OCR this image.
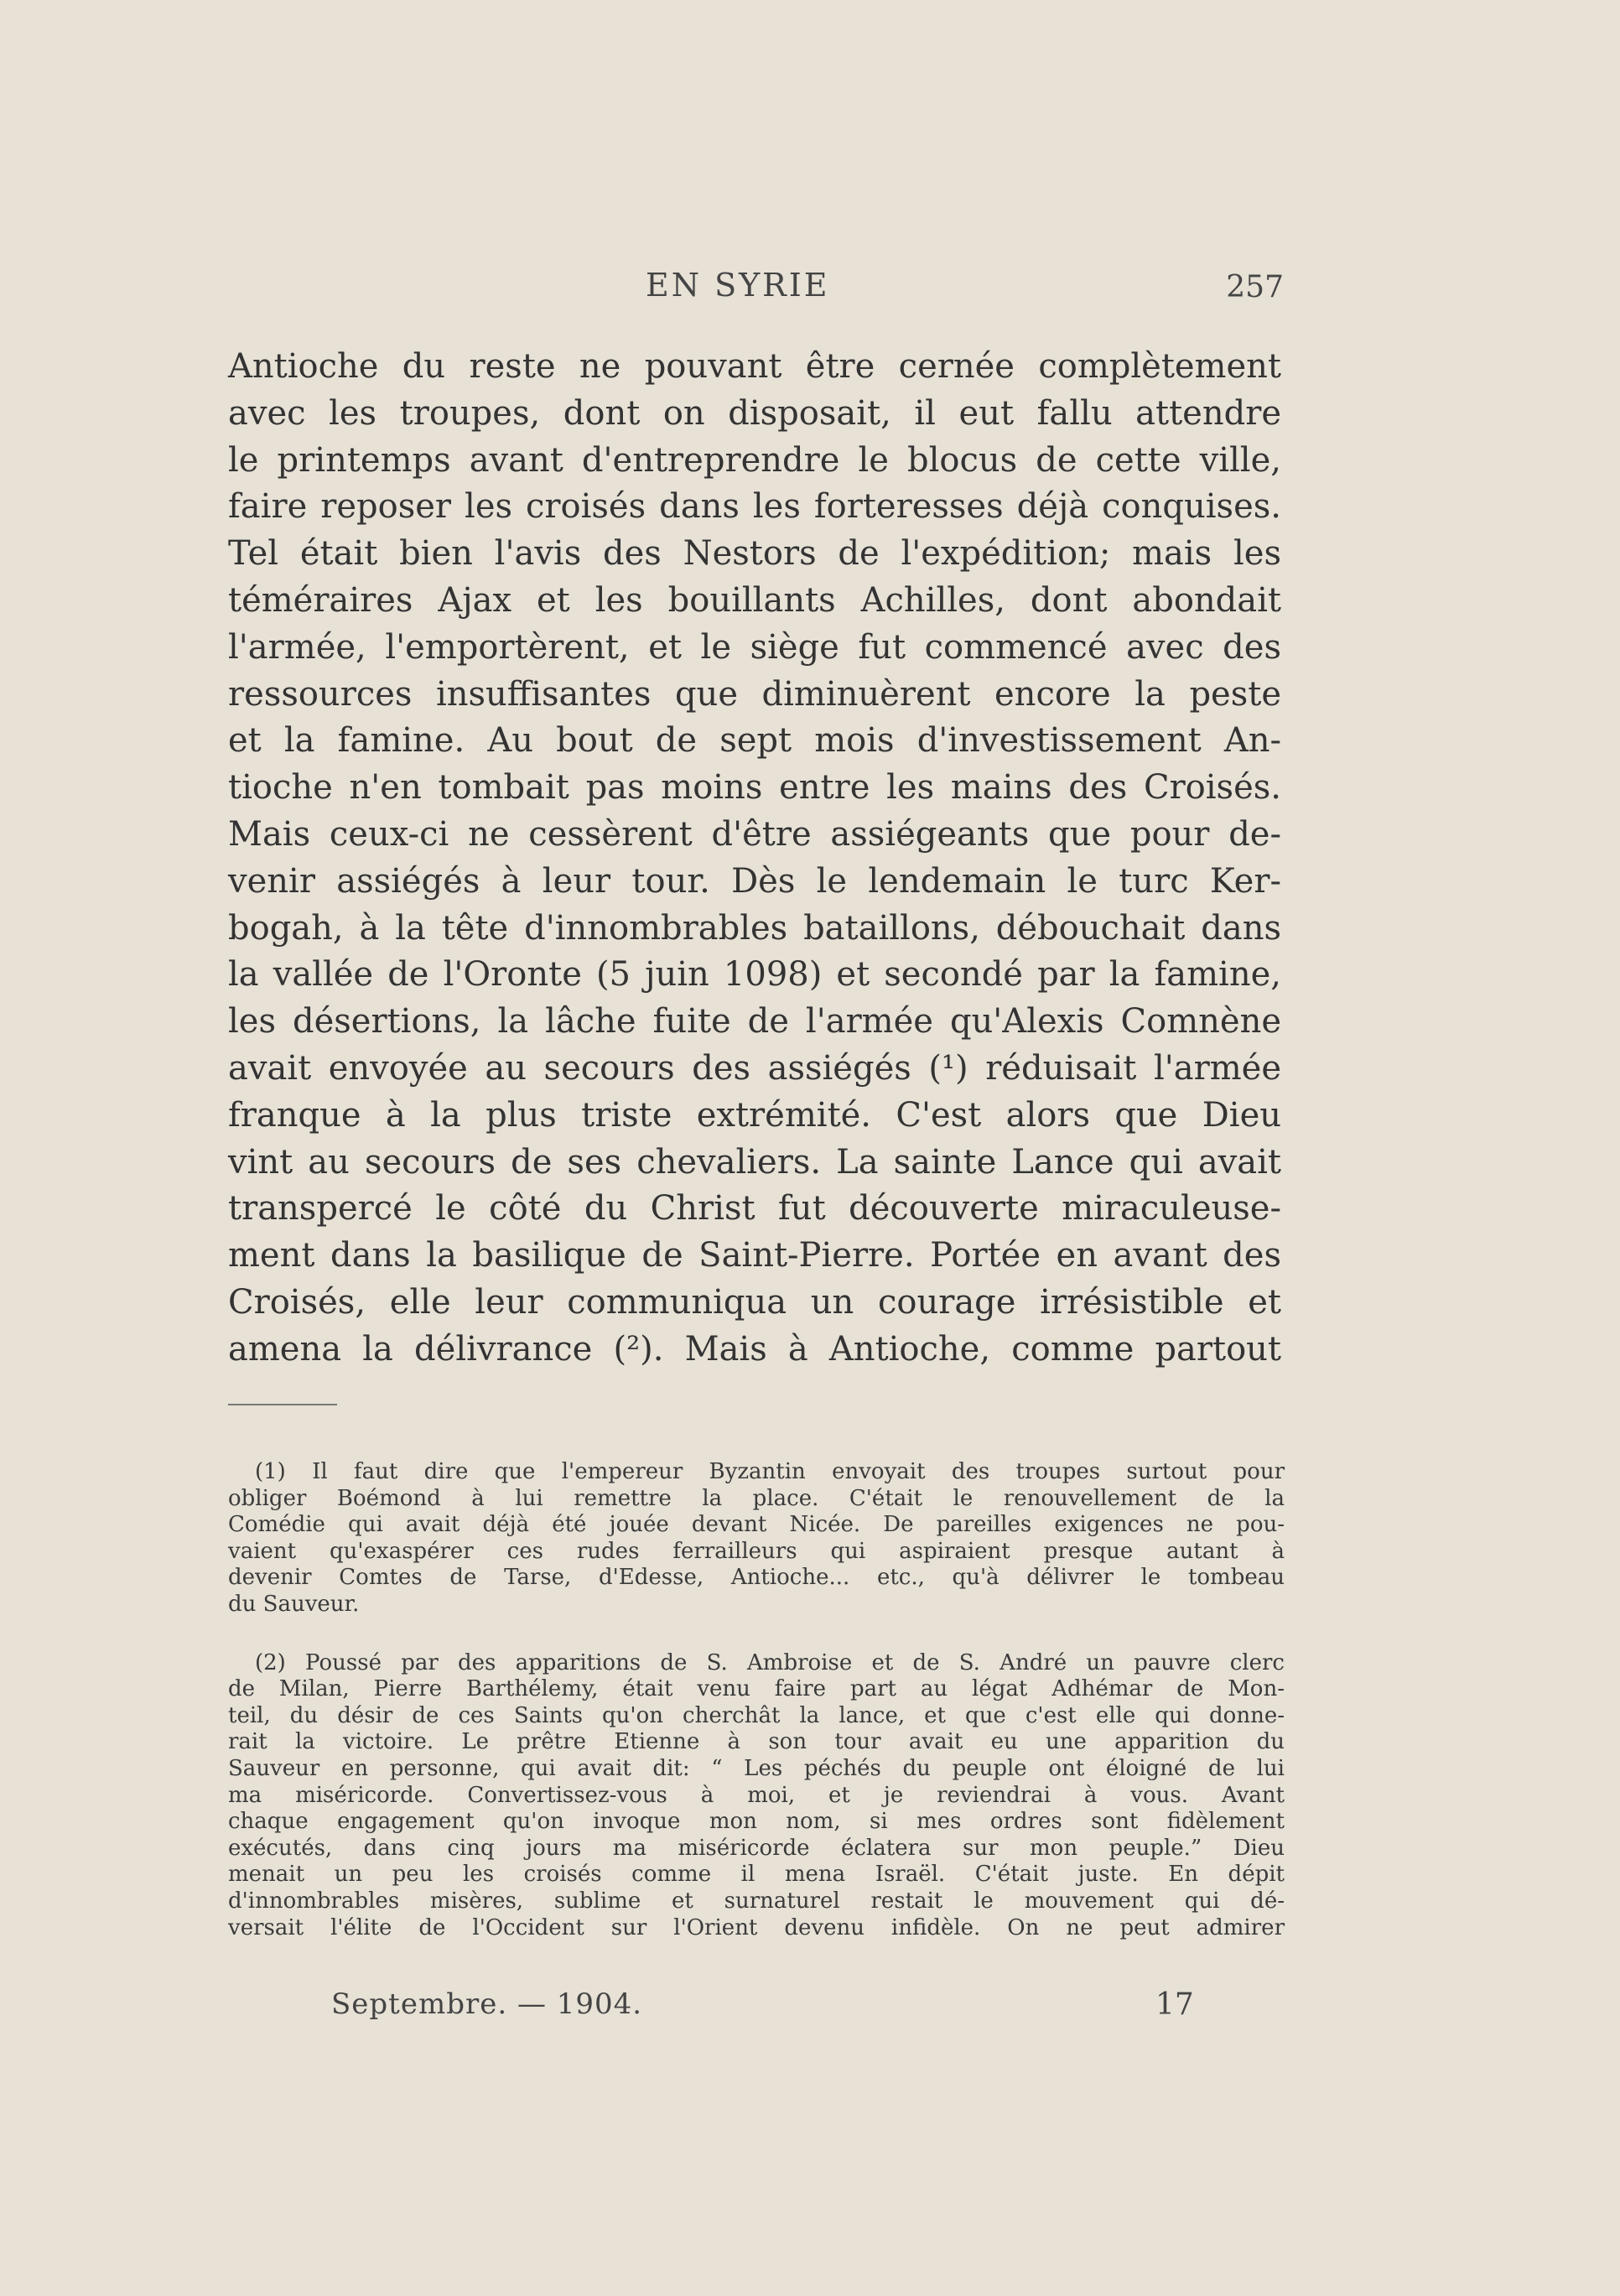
EN SYRIE	257
Antioche du reste ne pouvant être cernée complètement
avec les troupes, dont on disposait, il eut fallu attendre
le printemps avant d'entreprendre le blocus de cette ville,
faire reposer les croisés dans les forteresses déjà conquises.
Tel était bien l'avis des Nestors de l'expédition; mais les
téméraires Ajax et les bouillants Achilles, dont abondait
l'armée, l'emportèrent, et le siège fut commencé avec des
ressources insuffisantes que diminuèrent encore la peste
et la famine. Au bout de sept mois d'investissement An-
tioche n'en tombait pas moins entre les mains des Croisés.
Mais ceux-ci ne cessèrent d'être assiégeants que pour de-
venir assiégés à leur tour. Dès le lendemain le turc Ker-
bogah, à la tête d'innombrables bataillons, débouchait dans
la vallée de l'Oronte (5 juin 1098) et secondé par la famine,
les désertions, la lâche fuite de l'armée qu'Alexis Comnène
avait envoyée au secours des assiégés (¹) réduisait l'armée
franque à la plus triste extrémité. C'est alors que Dieu
vint au secours de ses chevaliers. La sainte Lance qui avait
transpercé le côté du Christ fut découverte miraculeuse-
ment dans la basilique de Saint-Pierre. Portée en avant des
Croisés, elle leur communiqua un courage irrésistible et
amena la délivrance (²). Mais à Antioche, comme partout
(1) Il faut dire que l'empereur Byzantin envoyait des troupes surtout pour
obliger Boémond à lui remettre la place. C'était le renouvellement de la
Comédie qui avait déjà été jouée devant Nicée. De pareilles exigences ne pou-
vaient qu'exaspérer ces rudes ferrailleurs qui aspiraient presque autant à
devenir Comtes de Tarse, d'Edesse, Antioche... etc., qu'à délivrer le tombeau
du Sauveur.
(2) Poussé par des apparitions de S. Ambroise et de S. André un pauvre clerc
de Milan, Pierre Barthélemy, était venu faire part au légat Adhémar de Mon-
teil, du désir de ces Saints qu'on cherchât la lance, et que c'est elle qui donne-
rait la victoire. Le prêtre Etienne à son tour avait eu une apparition du
Sauveur en personne, qui avait dit: “ Les péchés du peuple ont éloigné de lui
ma miséricorde. Convertissez-vous à moi, et je reviendrai à vous. Avant
chaque engagement qu'on invoque mon nom, si mes ordres sont fidèlement
exécutés, dans cinq jours ma miséricorde éclatera sur mon peuple.” Dieu
menait un peu les croisés comme il mena Israël. C'était juste. En dépit
d'innombrables misères, sublime et surnaturel restait le mouvement qui dé-
versait l'élite de l'Occident sur l'Orient devenu infidèle. On ne peut admirer
Septembre. — 1904.	17
